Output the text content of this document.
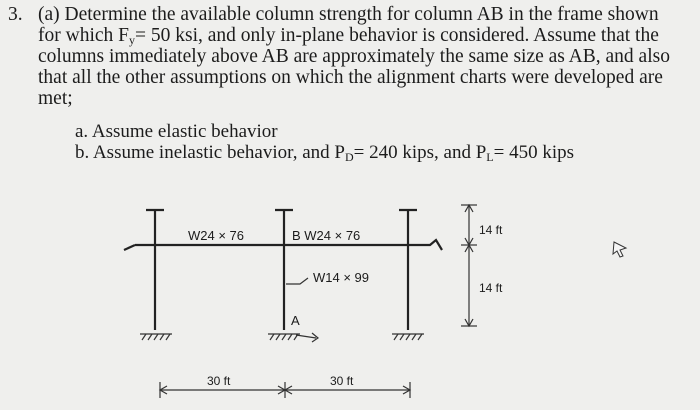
3. (a) Determine the available column strength for column AB in the frame shown
for which $F_y= 50$ ksi, and only in-plane behavior is considered. Assume that the
columns immediately above AB are approximately the same size as AB, and also
that all the other assumptions on which the alignment charts were developed are
met;
a. Assume elastic behavior
b. Assume inelastic behavior, and $P_D= 240$ kips, and $P_L= 450$ kips
W24 × 76	B W24 × 76
W14 × 99
A
14 ft
14 ft
30 ft	30 ft
